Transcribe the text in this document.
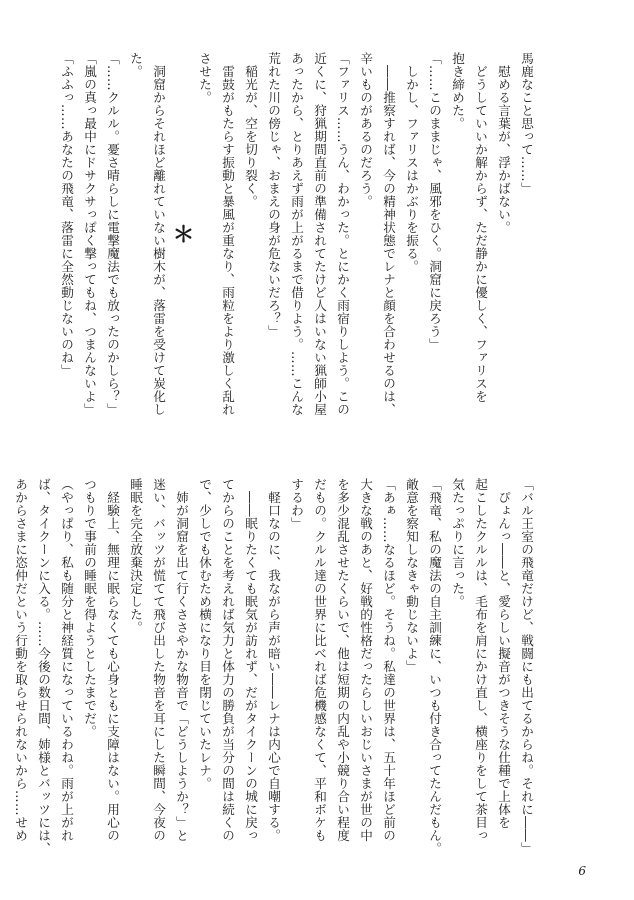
馬鹿なこと思って……」
慰める言葉が、浮かばない。
どうしていいか解からず、ただ静かに優しく、ファリスを
抱き締めた。
「……このままじゃ、風邪をひく。洞窟に戻ろう」
しかし、ファリスはかぶりを振る。
――推察すれば、今の精神状態でレナと顔を合わせるのは、
辛いものがあるのだろう。
「ファリス……うん、わかった。とにかく雨宿りしよう。この
近くに、狩猟期間直前の準備されてたけど人はいない猟師小屋
あったから、とりあえず雨が上がるまで借りよう。……こんな
荒れた川の傍じゃ、おまえの身が危ないだろ？」
稲光が、空を切り裂く。
雷鼓がもたらす振動と暴風が重なり、雨粒をより激しく乱れ
させた。
＊
洞窟からそれほど離れていない樹木が、落雷を受けて炭化し
た。
「……クルル。憂さ晴らしに電撃魔法でも放ったのかしら？」
「嵐の真っ最中にドサクサっぽく撃ってもね、つまんないよ」
「ふふっ……あなたの飛竜、落雷に全然動じないのね」
「バル王室の飛竜だけど、戦闘にも出てるからね。それに――」
ぴょんっ――と、愛らしい擬音がつきそうな仕種で上体を
起こしたクルルは、毛布を肩にかけ直し、横座りをして茶目っ
気たっぷりに言った。
「飛竜、私の魔法の自主訓練に、いつも付き合ってたんだもん。
敵意を察知しなきゃ動じないよ」
「あぁ……なるほど。そうね。私達の世界は、五十年ほど前の
大きな戦のあと、好戦的性格だったらしいおじいさまが世の中
を多少混乱させたくらいで、他は短期の内乱や小競り合い程度
だもの。クルル達の世界に比べれば危機感なくて、平和ボケも
するわ」
軽口なのに、我ながら声が暗い――レナは内心で自嘲する。
――眠りたくても眠気が訪れず、だがタイクーンの城に戻っ
てからのことを考えれば気力と体力の勝負が当分の間は続くの
で、少しでも休むため横になり目を閉じていたレナ。
姉が洞窟を出て行くささやかな物音で「どうしようか？」と
迷い、バッツが慌てて飛び出した物音を耳にした瞬間、今夜の
睡眠を完全放棄決定した。
経験上、無理に眠らなくても心身ともに支障はない。用心の
つもりで事前の睡眠を得ようとしたまでだ。
（やっぱり、私も随分と神経質になっているわね。雨が上がれ
ば、タイクーンに入る。……今後の数日間、姉様とバッツには、
あからさまに恣仲だという行動を取らせられないから……せめ
6
